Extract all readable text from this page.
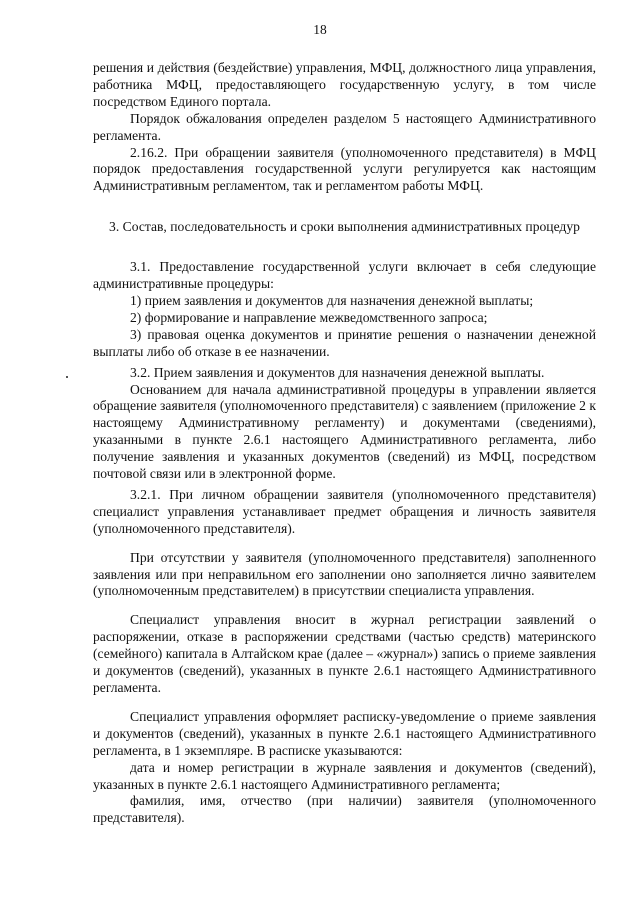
18

решения и действия (бездействие) управления, МФЦ, должностного лица управления, работника МФЦ, предоставляющего государственную услугу, в том числе посредством Единого портала.

Порядок обжалования определен разделом 5 настоящего Административного регламента.

2.16.2. При обращении заявителя (уполномоченного представителя) в МФЦ порядок предоставления государственной услуги регулируется как настоящим Административным регламентом, так и регламентом работы МФЦ.

3. Состав, последовательность и сроки выполнения административных процедур

3.1. Предоставление государственной услуги включает в себя следующие административные процедуры:

1) прием заявления и документов для назначения денежной выплаты;

2) формирование и направление межведомственного запроса;

3) правовая оценка документов и принятие решения о назначении денежной выплаты либо об отказе в ее назначении.

3.2. Прием заявления и документов для назначения денежной выплаты.

Основанием для начала административной процедуры в управлении является обращение заявителя (уполномоченного представителя) с заявлением (приложение 2 к настоящему Административному регламенту) и документами (сведениями), указанными в пункте 2.6.1 настоящего Административного регламента, либо получение заявления и указанных документов (сведений) из МФЦ, посредством почтовой связи или в электронной форме.

3.2.1. При личном обращении заявителя (уполномоченного представителя) специалист управления устанавливает предмет обращения и личность заявителя (уполномоченного представителя).

При отсутствии у заявителя (уполномоченного представителя) заполненного заявления или при неправильном его заполнении оно заполняется лично заявителем (уполномоченным представителем) в присутствии специалиста управления.

Специалист управления вносит в журнал регистрации заявлений о распоряжении, отказе в распоряжении средствами (частью средств) материнского (семейного) капитала в Алтайском крае (далее – «журнал») запись о приеме заявления и документов (сведений), указанных в пункте 2.6.1 настоящего Административного регламента.

Специалист управления оформляет расписку-уведомление о приеме заявления и документов (сведений), указанных в пункте 2.6.1 настоящего Административного регламента, в 1 экземпляре. В расписке указываются:

дата и номер регистрации в журнале заявления и документов (сведений), указанных в пункте 2.6.1 настоящего Административного регламента;

фамилия, имя, отчество (при наличии) заявителя (уполномоченного представителя).
